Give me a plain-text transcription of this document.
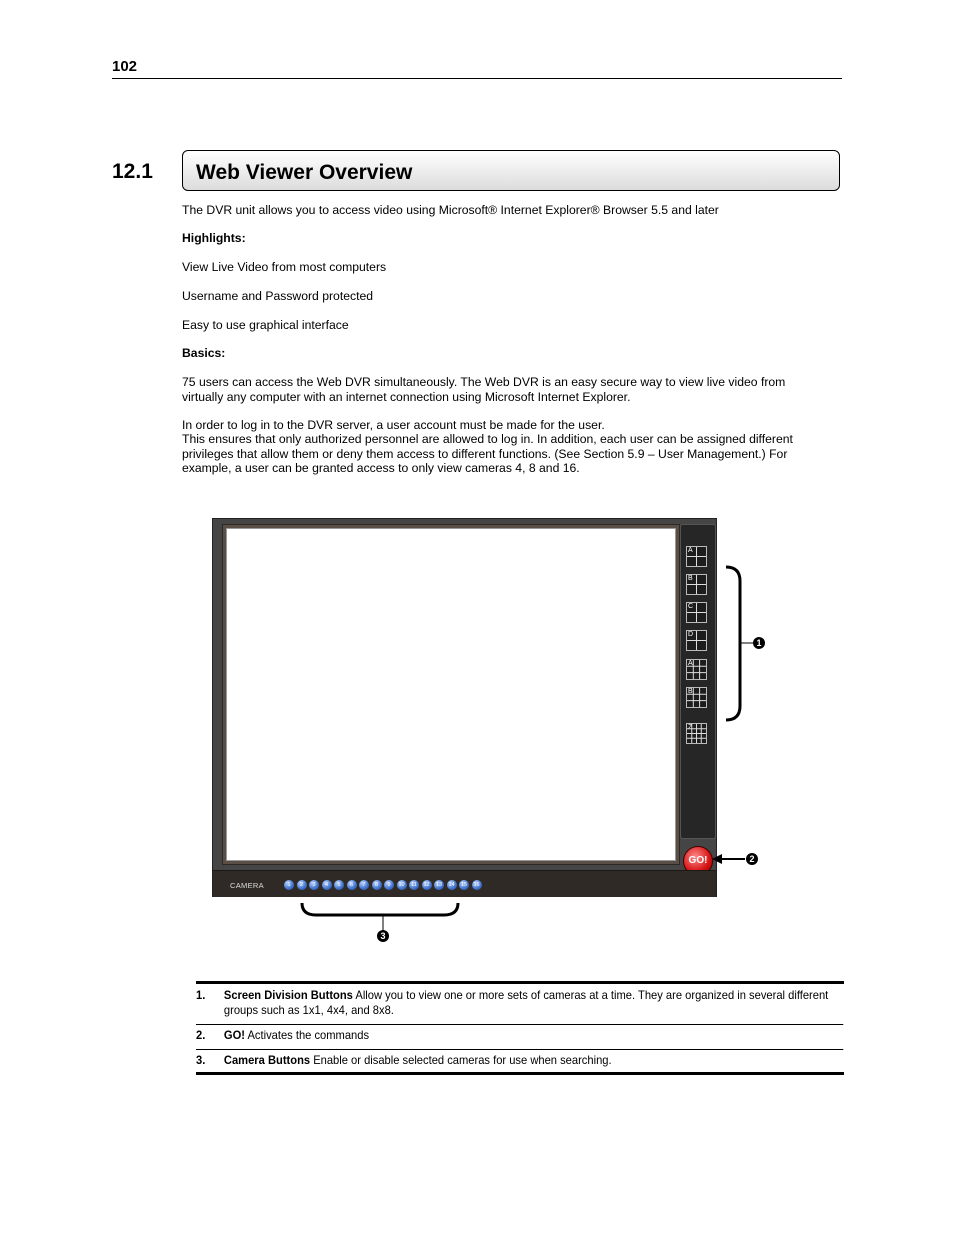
102
12.1 Web Viewer Overview
The DVR unit allows you to access video using Microsoft® Internet Explorer® Browser 5.5 and later
Highlights:
View Live Video from most computers
Username and Password protected
Easy to use graphical interface
Basics:
75 users can access the Web DVR simultaneously. The Web DVR is an easy secure way to view live video from virtually any computer with an internet connection using Microsoft Internet Explorer.
In order to log in to the DVR server, a user account must be made for the user.
This ensures that only authorized personnel are allowed to log in. In addition, each user can be assigned different privileges that allow them or deny them access to different functions. (See Section 5.9 – User Management.) For example, a user can be granted access to only view cameras 4, 8 and 16.
A
B
C
D
A
B
Z
GO!
CAMERA	1	2	3	4	5	6	7	8	9	10	11	12	13	14	15	16
1
2
3
1. Screen Division Buttons Allow you to view one or more sets of cameras at a time. They are organized in several different groups such as 1x1, 4x4, and 8x8.
2. GO! Activates the commands
3. Camera Buttons Enable or disable selected cameras for use when searching.
